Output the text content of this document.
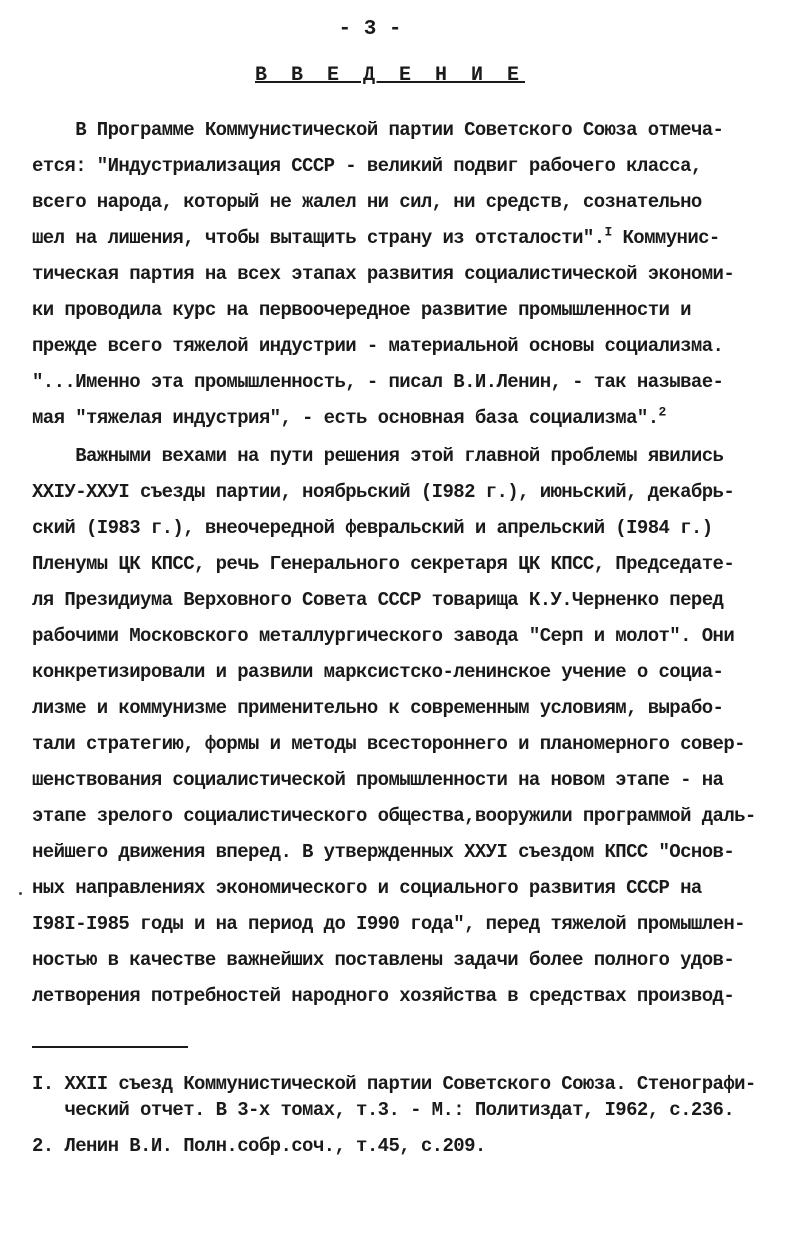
- 3 -
В В Е Д Е Н И Е
В Программе Коммунистической партии Советского Союза отмеча-
ется: "Индустриализация СССР - великий подвиг рабочего класса,
всего народа, который не жалел ни сил, ни средств, сознательно
шел на лишения, чтобы вытащить страну из отсталости".$^I$ Коммунис-
тическая партия на всех этапах развития социалистической экономи-
ки проводила курс на первоочередное развитие промышленности и
прежде всего тяжелой индустрии - материальной основы социализма.
"...Именно эта промышленность, - писал В.И.Ленин, - так называе-
мая "тяжелая индустрия", - есть основная база социализма".$^2$
Важными вехами на пути решения этой главной проблемы явились
XXIУ-XXУI съезды партии, ноябрьский (I982 г.), июньский, декабрь-
ский (I983 г.), внеочередной февральский и апрельский (I984 г.)
Пленумы ЦК КПСС, речь Генерального секретаря ЦК КПСС, Председате-
ля Президиума Верховного Совета СССР товарища К.У.Черненко перед
рабочими Московского металлургического завода "Серп и молот". Они
конкретизировали и развили марксистско-ленинское учение о социа-
лизме и коммунизме применительно к современным условиям, вырабо-
тали стратегию, формы и методы всестороннего и планомерного совер-
шенствования социалистической промышленности на новом этапе - на
этапе зрелого социалистического общества,вооружили программой даль-
нейшего движения вперед. В утвержденных XXУI съездом КПСС "Основ-
ных направлениях экономического и социального развития СССР на
I98I-I985 годы и на период до I990 года", перед тяжелой промышлен-
ностью в качестве важнейших поставлены задачи более полного удов-
летворения потребностей народного хозяйства в средствах производ-
I. XXII съезд Коммунистической партии Советского Союза. Стенографи-
ческий отчет. В 3-х томах, т.3. - М.: Политиздат, I962, с.236.
2. Ленин В.И. Полн.собр.соч., т.45, с.209.
